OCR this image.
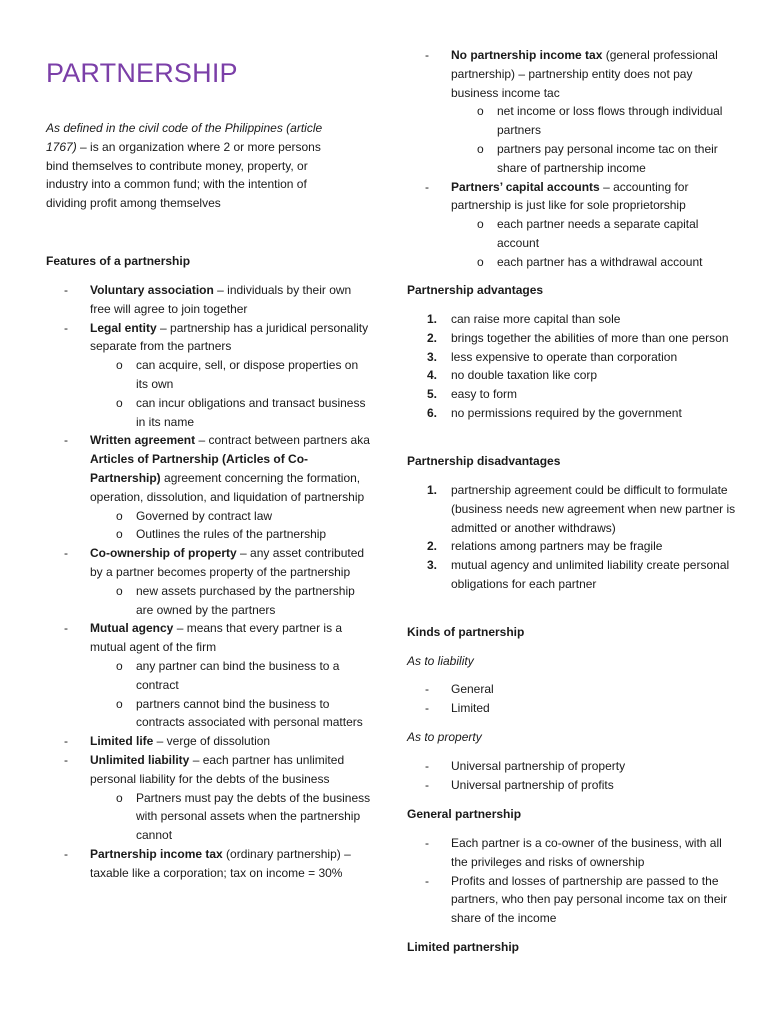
PARTNERSHIP

As defined in the civil code of the Philippines (article 1767) – is an organization where 2 or more persons bind themselves to contribute money, property, or industry into a common fund; with the intention of dividing profit among themselves

Features of a partnership
- Voluntary association – individuals by their own free will agree to join together
- Legal entity – partnership has a juridical personality separate from the partners
o can acquire, sell, or dispose properties on its own
o can incur obligations and transact business in its name
- Written agreement – contract between partners aka Articles of Partnership (Articles of Co-Partnership) agreement concerning the formation, operation, dissolution, and liquidation of partnership
o Governed by contract law
o Outlines the rules of the partnership
- Co-ownership of property – any asset contributed by a partner becomes property of the partnership
o new assets purchased by the partnership are owned by the partners
- Mutual agency – means that every partner is a mutual agent of the firm
o any partner can bind the business to a contract
o partners cannot bind the business to contracts associated with personal matters
- Limited life – verge of dissolution
- Unlimited liability – each partner has unlimited personal liability for the debts of the business
o Partners must pay the debts of the business with personal assets when the partnership cannot
- Partnership income tax (ordinary partnership) – taxable like a corporation; tax on income = 30%
- No partnership income tax (general professional partnership) – partnership entity does not pay business income tac
o net income or loss flows through individual partners
o partners pay personal income tac on their share of partnership income
- Partners’ capital accounts – accounting for partnership is just like for sole proprietorship
o each partner needs a separate capital account
o each partner has a withdrawal account
Partnership advantages
1. can raise more capital than sole
2. brings together the abilities of more than one person
3. less expensive to operate than corporation
4. no double taxation like corp
5. easy to form
6. no permissions required by the government
Partnership disadvantages
1. partnership agreement could be difficult to formulate (business needs new agreement when new partner is admitted or another withdraws)
2. relations among partners may be fragile
3. mutual agency and unlimited liability create personal obligations for each partner
Kinds of partnership
As to liability
- General
- Limited
As to property
- Universal partnership of property
- Universal partnership of profits
General partnership
- Each partner is a co-owner of the business, with all the privileges and risks of ownership
- Profits and losses of partnership are passed to the partners, who then pay personal income tax on their share of the income
Limited partnership
